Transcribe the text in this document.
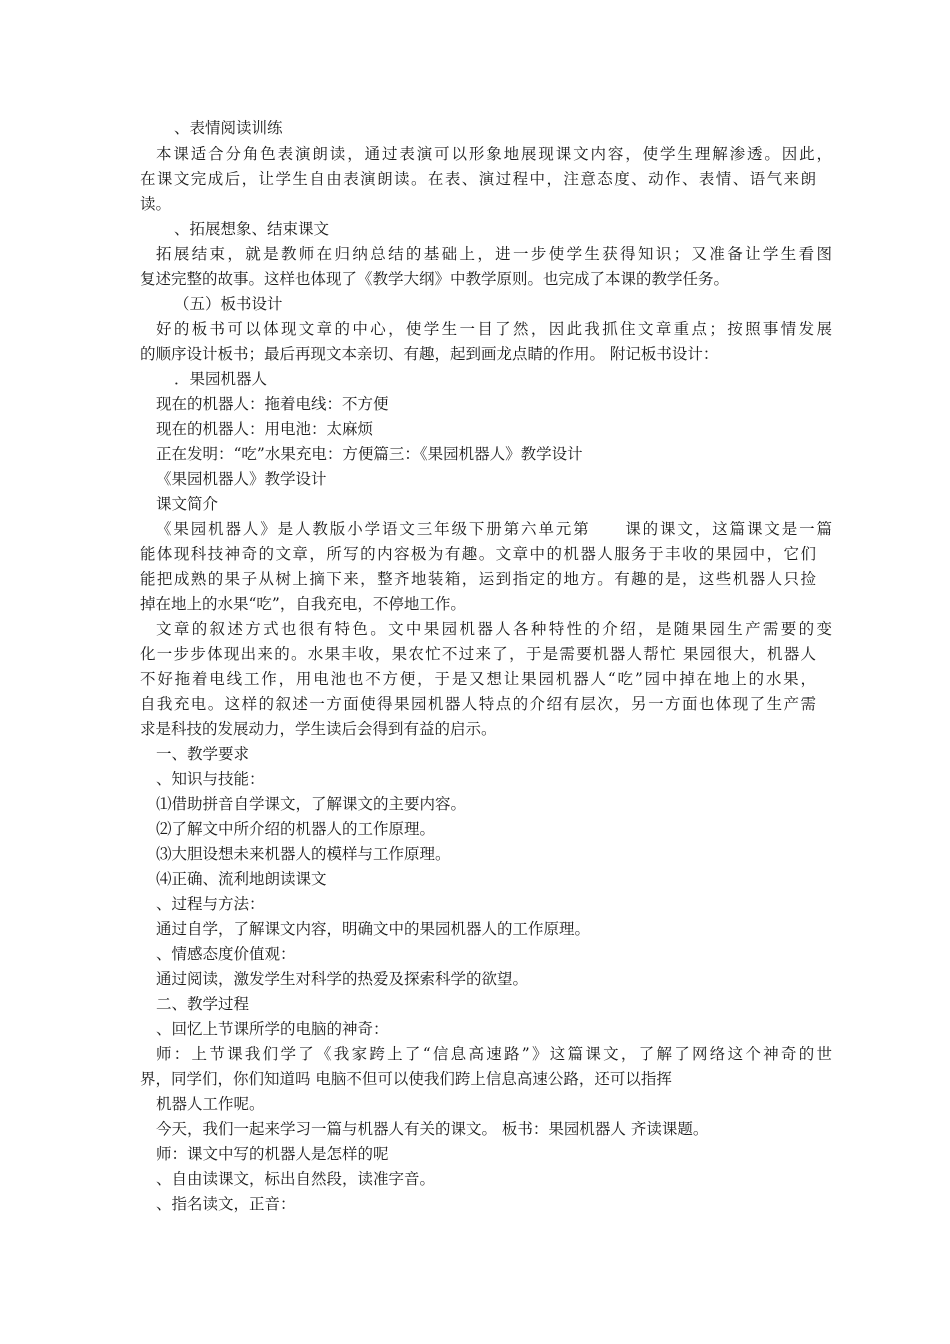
、表情阅读训练

本课适合分角色表演朗读，通过表演可以形象地展现课文内容，使学生理解渗透。因此，

在课文完成后，让学生自由表演朗读。在表、演过程中，注意态度、动作、表情、语气来朗

读。

、拓展想象、结束课文

拓展结束，就是教师在归纳总结的基础上，进一步使学生获得知识；又准备让学生看图

复述完整的故事。这样也体现了《教学大纲》中教学原则。也完成了本课的教学任务。

（五）板书设计

好的板书可以体现文章的中心，使学生一目了然，因此我抓住文章重点；按照事情发展

的顺序设计板书；最后再现文本亲切、有趣，起到画龙点睛的作用。 附记板书设计：

．果园机器人

现在的机器人：拖着电线：不方便

现在的机器人：用电池：太麻烦

正在发明：“吃”水果充电：方便篇三：《果园机器人》教学设计

《果园机器人》教学设计

课文简介

《果园机器人》是人教版小学语文三年级下册第六单元第　　课的课文，这篇课文是一篇

能体现科技神奇的文章，所写的内容极为有趣。文章中的机器人服务于丰收的果园中，它们

能把成熟的果子从树上摘下来，整齐地装箱，运到指定的地方。有趣的是，这些机器人只捡

掉在地上的水果“吃”，自我充电，不停地工作。

文章的叙述方式也很有特色。文中果园机器人各种特性的介绍，是随果园生产需要的变

化一步步体现出来的。水果丰收，果农忙不过来了，于是需要机器人帮忙 果园很大，机器人

不好拖着电线工作，用电池也不方便，于是又想让果园机器人“吃”园中掉在地上的水果，

自我充电。这样的叙述一方面使得果园机器人特点的介绍有层次，另一方面也体现了生产需

求是科技的发展动力，学生读后会得到有益的启示。

一、教学要求

、知识与技能：

⑴借助拼音自学课文，了解课文的主要内容。

⑵了解文中所介绍的机器人的工作原理。

⑶大胆设想未来机器人的模样与工作原理。

⑷正确、流利地朗读课文

、过程与方法：

通过自学，了解课文内容，明确文中的果园机器人的工作原理。

、情感态度价值观：

通过阅读，激发学生对科学的热爱及探索科学的欲望。

二、教学过程

、回忆上节课所学的电脑的神奇：

师：上节课我们学了《我家跨上了“信息高速路”》这篇课文，了解了网络这个神奇的世

界，同学们，你们知道吗 电脑不但可以使我们跨上信息高速公路，还可以指挥

机器人工作呢。

今天，我们一起来学习一篇与机器人有关的课文。 板书：果园机器人 齐读课题。

师：课文中写的机器人是怎样的呢

、自由读课文，标出自然段，读准字音。

、指名读文，正音：
